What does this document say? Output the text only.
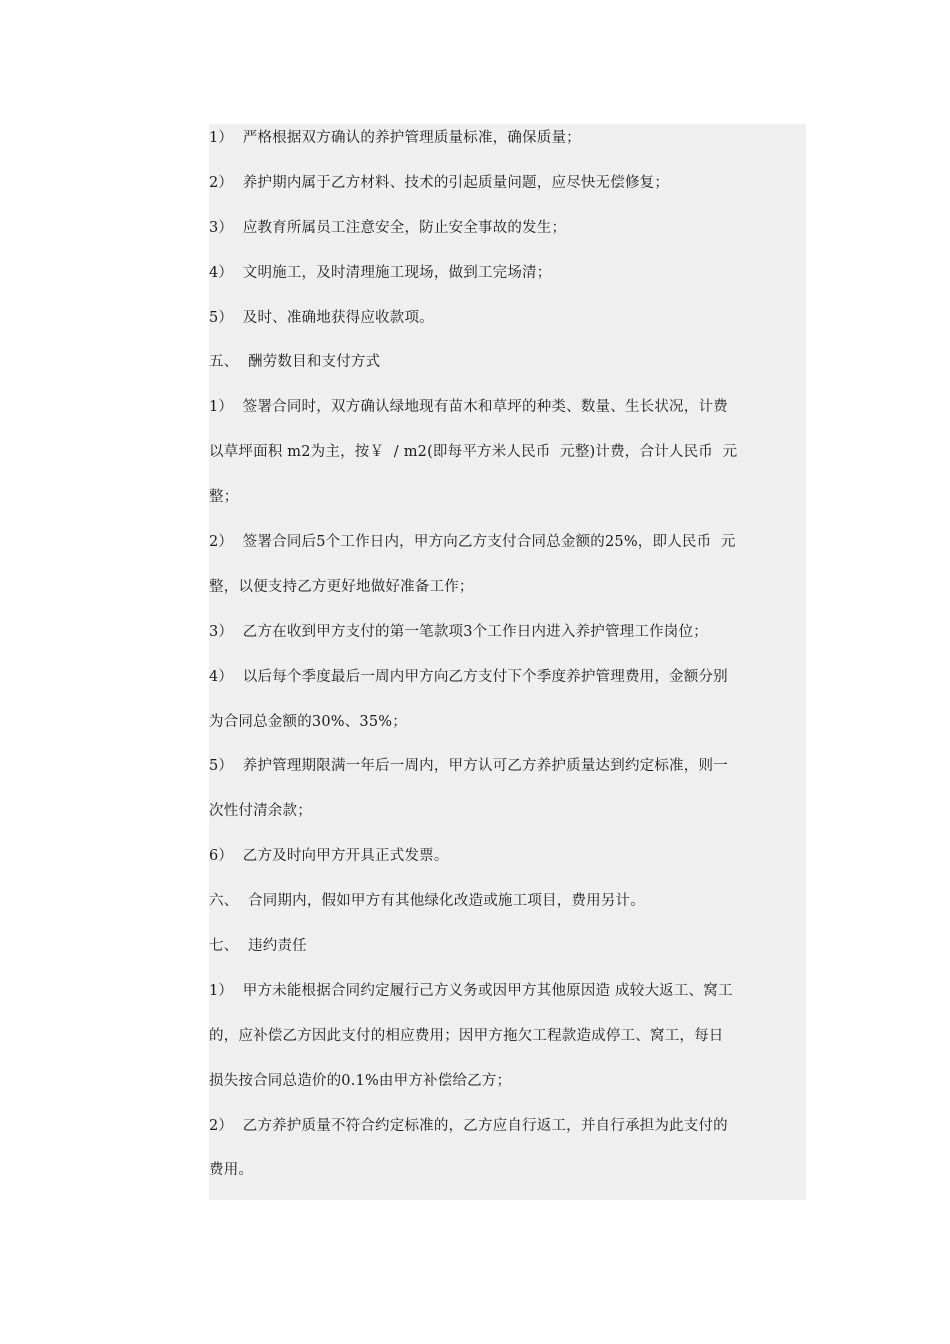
1）  严格根据双方确认的养护管理质量标准，确保质量；
2）  养护期内属于乙方材料、技术的引起质量问题，应尽快无偿修复；
3）  应教育所属员工注意安全，防止安全事故的发生；
4）  文明施工，及时清理施工现场，做到工完场清；
5）  及时、准确地获得应收款项。
五、  酬劳数目和支付方式
1）  签署合同时，双方确认绿地现有苗木和草坪的种类、数量、生长状况，计费
以草坪面积 m2为主，按￥  / m2(即每平方米人民币  元整)计费，合计人民币  元
整；
2）  签署合同后5个工作日内，甲方向乙方支付合同总金额的25%，即人民币  元
整，以便支持乙方更好地做好准备工作；
3）  乙方在收到甲方支付的第一笔款项3个工作日内进入养护管理工作岗位；
4）  以后每个季度最后一周内甲方向乙方支付下个季度养护管理费用，金额分别
为合同总金额的30%、35%；
5）  养护管理期限满一年后一周内，甲方认可乙方养护质量达到约定标准，则一
次性付清余款；
6）  乙方及时向甲方开具正式发票。
六、  合同期内，假如甲方有其他绿化改造或施工项目，费用另计。
七、  违约责任
1）  甲方未能根据合同约定履行己方义务或因甲方其他原因造 成较大返工、窝工
的，应补偿乙方因此支付的相应费用；因甲方拖欠工程款造成停工、窝工，每日
损失按合同总造价的0.1%由甲方补偿给乙方；
2）  乙方养护质量不符合约定标准的，乙方应自行返工，并自行承担为此支付的
费用。
